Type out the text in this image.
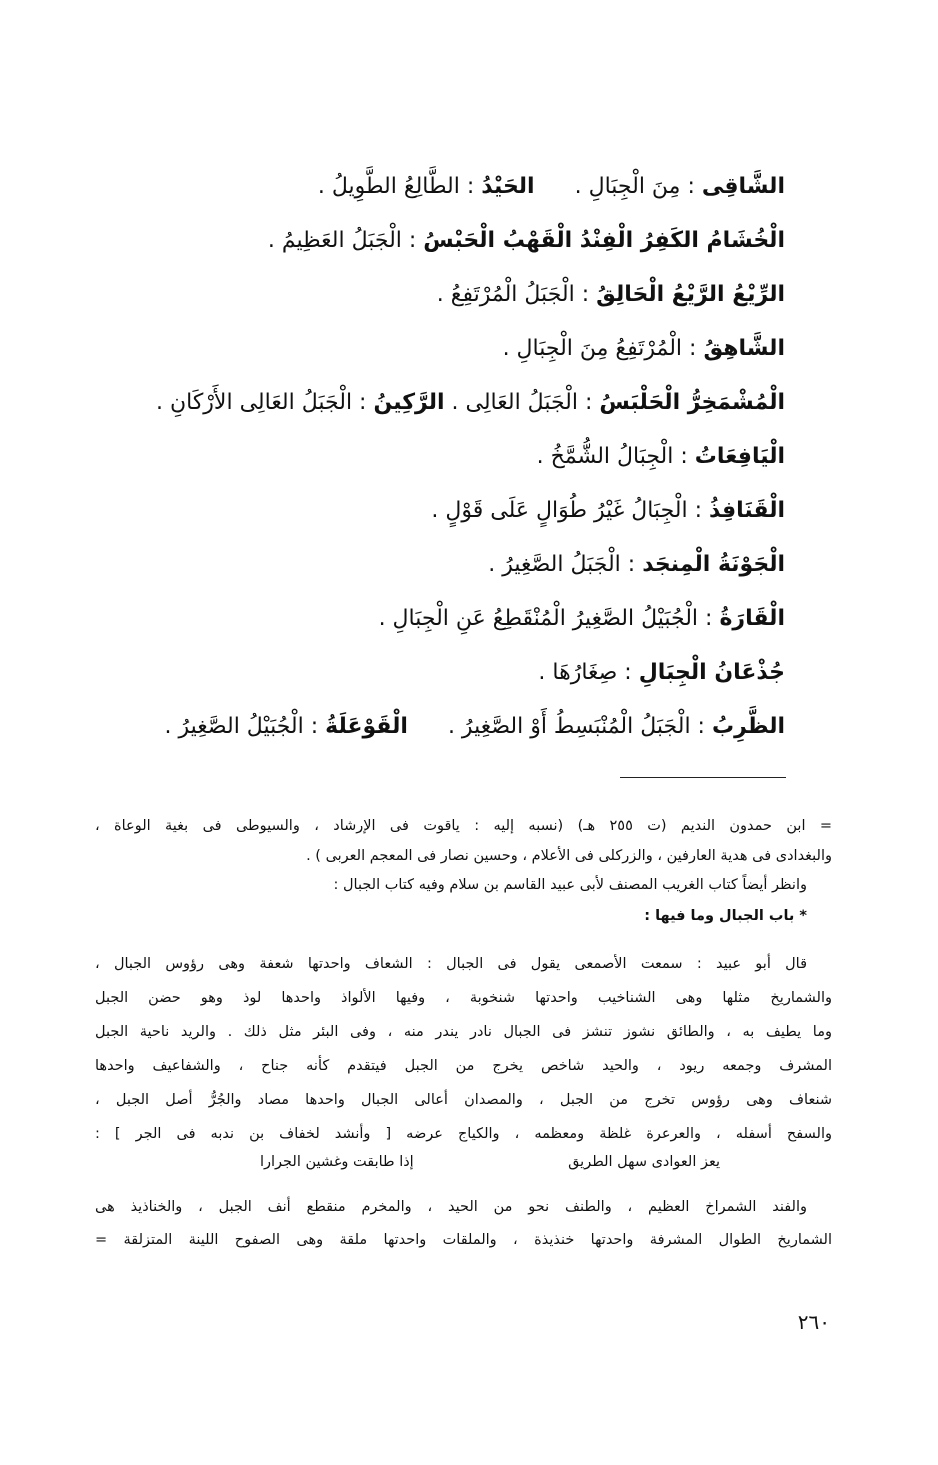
الشَّاقِى : مِنَ الْجِبَالِ .الحَيْدُ : الطَّالِعُ الطَّوِيلُ .
الْخُشَامُ الكَفِرُ الْفِنْدُ الْقَهْبُ الْحَبْسُ : الْجَبَلُ العَظِيمُ .
الرِّيْعُ الرَّيْعُ الْحَالِقُ : الْجَبَلُ الْمُرْتَفِعُ .
الشَّاهِقُ : الْمُرْتَفِعُ مِنَ الْجِبَالِ .
الْمُشْمَخِرُّ الْحَلْبَسُ : الْجَبَلُ العَالِى . الرَّكِينُ : الْجَبَلُ العَالِى الأَرْكَانِ .
الْيَافِعَاتُ : الْجِبَالُ الشُّمَّخُ .
الْقَنَافِذُ : الْجِبَالُ غَيْرُ طُوَالٍ عَلَى قَوْلٍ .
الْجَوْنَةُ الْمِنجَد : الْجَبَلُ الصَّغِيرُ .
الْقَارَةُ : الْجُبَيْلُ الصَّغِيرُ الْمُنْقَطِعُ عَنِ الْجِبَالِ .
جُذْعَانُ الْجِبَالِ : صِغَارُهَا .
الظَّرِبُ : الْجَبَلُ الْمُنْبَسِطُ أَوْ الصَّغِيرُ .الْقَوْعَلَةُ : الْجُبَيْلُ الصَّغِيرُ .
= ابن حمدون النديم (ت ٢٥٥ هـ) (نسبه إليه : ياقوت فى الإرشاد ، والسيوطى فى بغية الوعاة ،
والبغدادى فى هدية العارفين ، والزركلى فى الأعلام ، وحسين نصار فى المعجم العربى ) .
وانظر أيضاً كتاب الغريب المصنف لأبى عبيد القاسم بن سلام وفيه كتاب الجبال :
* باب الجبال وما فيها :
قال أبو عبيد : سمعت الأصمعى يقول فى الجبال : الشعاف واحدتها شعفة وهى رؤوس الجبال ،
والشماريخ مثلها وهى الشناخيب واحدتها شنخوبة ، وفيها الألواذ واحدها لوذ وهو حضن الجبل
وما يطيف به ، والطائق نشوز تنشز فى الجبال نادر يندر منه ، وفى البئر مثل ذلك . والريد ناحية الجبل
المشرف وجمعه ريود ، والحيد شاخص يخرج من الجبل فيتقدم كأنه جناح ، والشفاعيف واحدها
شنعاف وهى رؤوس تخرج من الجبل ، والمصدان أعالى الجبال واحدها مصاد والجُرُّ أصل الجبل ،
والسفح أسفله ، والعرعرة غلظة ومعظمه ، والكياج عرضه [ وأنشد لخفاف بن ندبه فى الجر ] :
يعز العوادى سهل الطريق
إذا طابقت وغشين الجرارا
والفند الشمراخ العظيم ، والطنف نحو من الحيد ، والمخرم منقطع أنف الجبل ، والخناذيذ هى
الشماريخ الطوال المشرفة واحدتها خنذيذة ، والملقات واحدتها ملقة وهى الصفوح اللينة المتزلقة =
٢٦٠
